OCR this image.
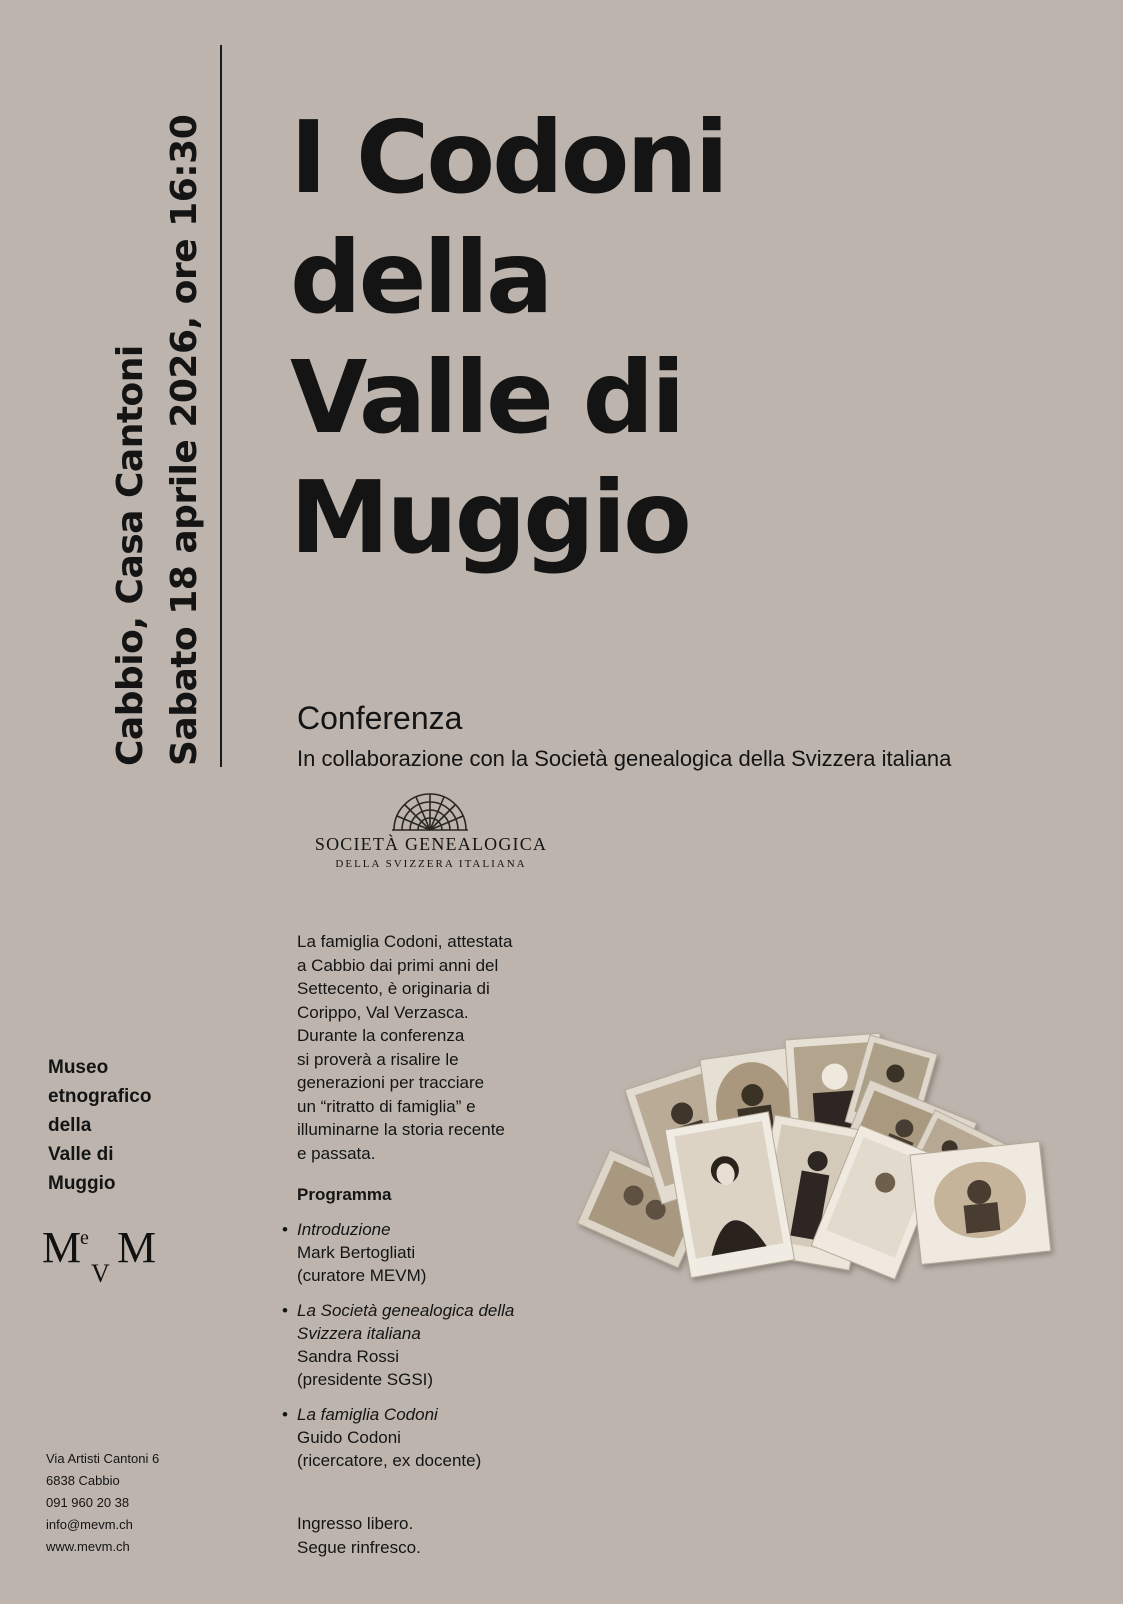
Cabbio, Casa Cantoni Sabato 18 aprile 2026, ore 16:30 I Codoni
della
Valle di
Muggio

Conferenza

In collaborazione con la Società genealogica della Svizzera italiana

SOCIETÀ GENEALOGICA

DELLA SVIZZERA ITALIANA

La famiglia Codoni, attestata
a Cabbio dai primi anni del
Settecento, è originaria di
Corippo, Val Verzasca.
Durante la conferenza
si proverà a risalire le
generazioni per tracciare
un “ritratto di famiglia” e
illuminarne la storia recente
e passata.

Programma

• Introduzione
Mark Bertogliati
(curatore MEVM)
• La Società genealogica della
Svizzera italiana
Sandra Rossi
(presidente SGSI)
• La famiglia Codoni
Guido Codoni
(ricercatore, ex docente)

Ingresso libero.
Segue rinfresco.

Museo
etnografico
della
Valle di
Muggio

M
e
V
M

Via Artisti Cantoni 6
6838 Cabbio
091 960 20 38
info@mevm.ch
www.mevm.ch
